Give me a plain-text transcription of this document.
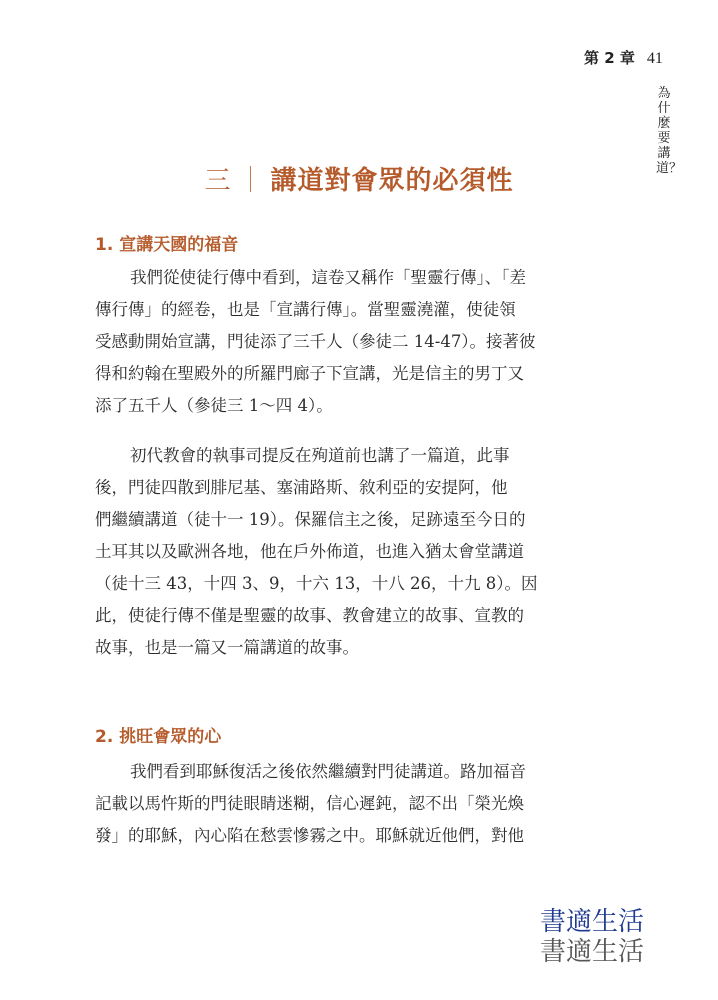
第 2 章 41
為什麼要講道？
三 ｜ 講道對會眾的必須性
1. 宣講天國的福音

我們從使徒行傳中看到，這卷又稱作「聖靈行傳」、「差
傳行傳」的經卷，也是「宣講行傳」。當聖靈澆灌，使徒領
受感動開始宣講，門徒添了三千人（參徒二 14-47）。接著彼
得和約翰在聖殿外的所羅門廊子下宣講，光是信主的男丁又
添了五千人（參徒三 1～四 4）。

初代教會的執事司提反在殉道前也講了一篇道，此事
後，門徒四散到腓尼基、塞浦路斯、敘利亞的安提阿，他
們繼續講道（徒十一 19）。保羅信主之後，足跡遠至今日的
土耳其以及歐洲各地，他在戶外佈道，也進入猶太會堂講道
（徒十三 43，十四 3、9，十六 13，十八 26，十九 8）。因
此，使徒行傳不僅是聖靈的故事、教會建立的故事、宣教的
故事，也是一篇又一篇講道的故事。

2. 挑旺會眾的心

我們看到耶穌復活之後依然繼續對門徒講道。路加福音
記載以馬忤斯的門徒眼睛迷糊，信心遲鈍，認不出「榮光煥
發」的耶穌，內心陷在愁雲慘霧之中。耶穌就近他們，對他

書適生活
書適生活
